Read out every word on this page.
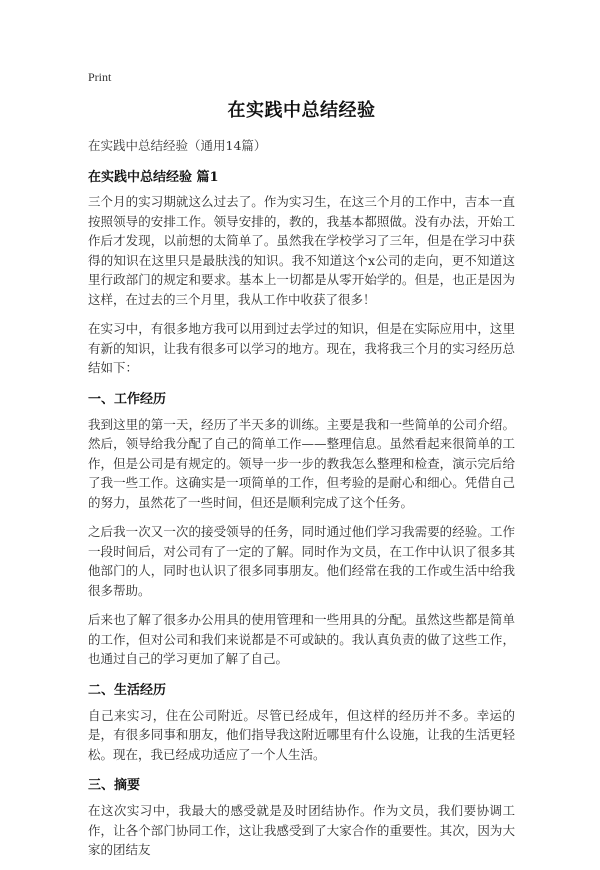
Print
在实践中总结经验
在实践中总结经验（通用14篇）
在实践中总结经验 篇1

三个月的实习期就这么过去了。作为实习生，在这三个月的工作中，吉本一直按照领导的安排工作。领导安排的，教的，我基本都照做。没有办法，开始工作后才发现，以前想的太简单了。虽然我在学校学习了三年，但是在学习中获得的知识在这里只是最肤浅的知识。我不知道这个x公司的走向，更不知道这里行政部门的规定和要求。基本上一切都是从零开始学的。但是，也正是因为这样，在过去的三个月里，我从工作中收获了很多！

在实习中，有很多地方我可以用到过去学过的知识，但是在实际应用中，这里有新的知识，让我有很多可以学习的地方。现在，我将我三个月的实习经历总结如下：

一、工作经历

我到这里的第一天，经历了半天多的训练。主要是我和一些简单的公司介绍。然后，领导给我分配了自己的简单工作——整理信息。虽然看起来很简单的工作，但是公司是有规定的。领导一步一步的教我怎么整理和检查，演示完后给了我一些工作。这确实是一项简单的工作，但考验的是耐心和细心。凭借自己的努力，虽然花了一些时间，但还是顺利完成了这个任务。

之后我一次又一次的接受领导的任务，同时通过他们学习我需要的经验。工作一段时间后，对公司有了一定的了解。同时作为文员，在工作中认识了很多其他部门的人，同时也认识了很多同事朋友。他们经常在我的工作或生活中给我很多帮助。

后来也了解了很多办公用具的使用管理和一些用具的分配。虽然这些都是简单的工作，但对公司和我们来说都是不可或缺的。我认真负责的做了这些工作，也通过自己的学习更加了解了自己。

二、生活经历

自己来实习，住在公司附近。尽管已经成年，但这样的经历并不多。幸运的是，有很多同事和朋友，他们指导我这附近哪里有什么设施，让我的生活更轻松。现在，我已经成功适应了一个人生活。

三、摘要

在这次实习中，我最大的感受就是及时团结协作。作为文员，我们要协调工作，让各个部门协同工作，这让我感受到了大家合作的重要性。其次，因为大家的团结友
